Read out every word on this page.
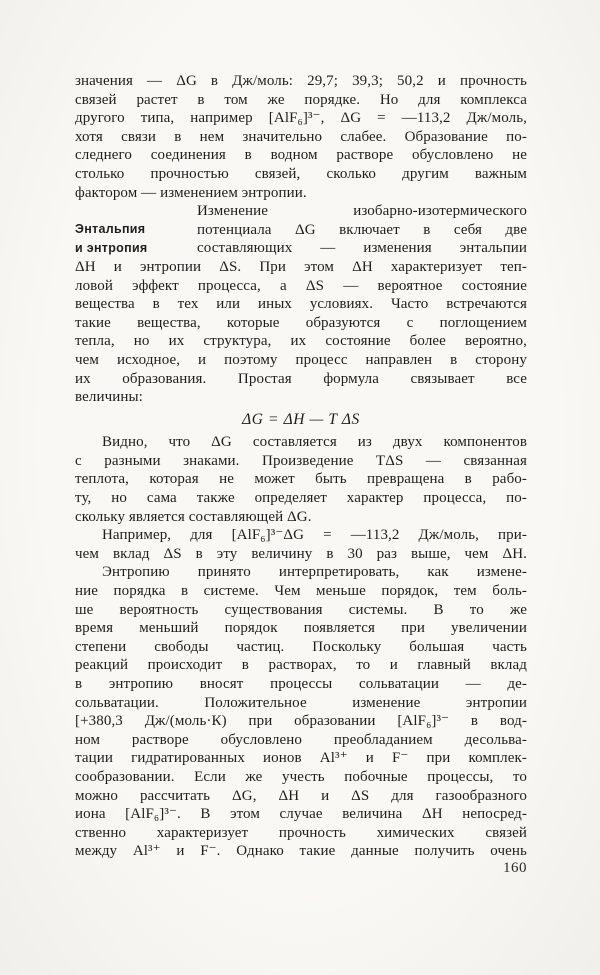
Энтальпия
и энтропия
значения — ΔG в Дж/моль: 29,7; 39,3; 50,2 и прочность
связей растет в том же порядке. Но для комплекса
другого типа, например [AlF₆]³⁻, ΔG = —113,2 Дж/моль,
хотя связи в нем значительно слабее. Образование по-
следнего соединения в водном растворе обусловлено не
столько прочностью связей, сколько другим важным
фактором — изменением энтропии.
Изменение изобарно-изотермического
потенциала ΔG включает в себя две
составляющих — изменения энтальпии
ΔH и энтропии ΔS. При этом ΔH характеризует теп-
ловой эффект процесса, а ΔS — вероятное состояние
вещества в тех или иных условиях. Часто встречаются
такие вещества, которые образуются с поглощением
тепла, но их структура, их состояние более вероятно,
чем исходное, и поэтому процесс направлен в сторону
их образования. Простая формула связывает все
величины:
ΔG = ΔH — T ΔS
Видно, что ΔG составляется из двух компонентов
с разными знаками. Произведение TΔS — связанная
теплота, которая не может быть превращена в рабо-
ту, но сама также определяет характер процесса, по-
скольку является составляющей ΔG.
Например, для [AlF₆]³⁻ΔG = —113,2 Дж/моль, при-
чем вклад ΔS в эту величину в 30 раз выше, чем ΔH.
Энтропию принято интерпретировать, как измене-
ние порядка в системе. Чем меньше порядок, тем боль-
ше вероятность существования системы. В то же
время меньший порядок появляется при увеличении
степени свободы частиц. Поскольку большая часть
реакций происходит в растворах, то и главный вклад
в энтропию вносят процессы сольватации — де-
сольватации. Положительное изменение энтропии
[+380,3 Дж/(моль·К) при образовании [AlF₆]³⁻ в вод-
ном растворе обусловлено преобладанием десольва-
тации гидратированных ионов Al³⁺ и F⁻ при комплек-
сообразовании. Если же учесть побочные процессы, то
можно рассчитать ΔG, ΔH и ΔS для газообразного
иона [AlF₆]³⁻. В этом случае величина ΔH непосред-
ственно характеризует прочность химических связей
между Al³⁺ и F⁻. Однако такие данные получить очень
160
